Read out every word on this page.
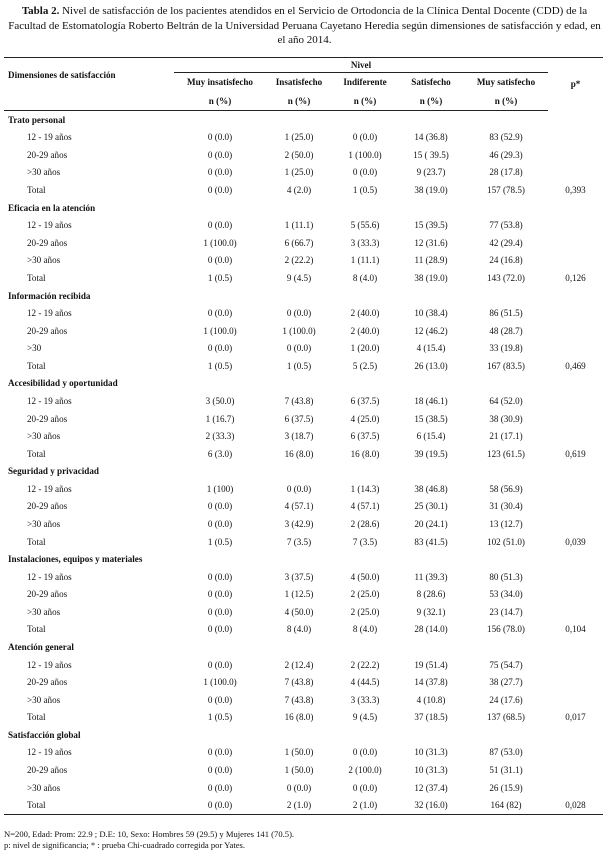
Tabla 2. Nivel de satisfacción de los pacientes atendidos en el Servicio de Ortodoncia de la Clínica Dental Docente (CDD) de la Facultad de Estomatología Roberto Beltrán de la Universidad Peruana Cayetano Heredia según dimensiones de satisfacción y edad, en el año 2014.
Dimensiones de satisfacción	Nivel					p*
	Muy insatisfecho	Insatisfecho	Indiferente	Satisfecho	Muy satisfecho	
	n (%)	n (%)	n (%)	n (%)	n (%)	
Trato personal						
12 - 19 años	0 (0.0)	1 (25.0)	0 (0.0)	14 (36.8)	83 (52.9)	
20-29 años	0 (0.0)	2 (50.0)	1 (100.0)	15 ( 39.5)	46 (29.3)	
>30 años	0 (0.0)	1 (25.0)	0 (0.0)	9 (23.7)	28 (17.8)	
Total	0 (0.0)	4 (2.0)	1 (0.5)	38 (19.0)	157 (78.5)	0,393
Eficacia en la atención						
12 - 19 años	0 (0.0)	1 (11.1)	5 (55.6)	15 (39.5)	77 (53.8)	
20-29 años	1 (100.0)	6 (66.7)	3 (33.3)	12 (31.6)	42 (29.4)	
>30 años	0 (0.0)	2 (22.2)	1 (11.1)	11 (28.9)	24 (16.8)	
Total	1 (0.5)	9 (4.5)	8 (4.0)	38 (19.0)	143 (72.0)	0,126
Información recibida						
12 - 19 años	0 (0.0)	0 (0.0)	2 (40.0)	10 (38.4)	86 (51.5)	
20-29 años	1 (100.0)	1 (100.0)	2 (40.0)	12 (46.2)	48 (28.7)	
>30	0 (0.0)	0 (0.0)	1 (20.0)	4 (15.4)	33 (19.8)	
Total	1 (0.5)	1 (0.5)	5 (2.5)	26 (13.0)	167 (83.5)	0,469
Accesibilidad y oportunidad						
12 - 19 años	3 (50.0)	7 (43.8)	6 (37.5)	18 (46.1)	64 (52.0)	
20-29 años	1 (16.7)	6 (37.5)	4 (25.0)	15 (38.5)	38 (30.9)	
>30 años	2 (33.3)	3 (18.7)	6 (37.5)	6 (15.4)	21 (17.1)	
Total	6 (3.0)	16 (8.0)	16 (8.0)	39 (19.5)	123 (61.5)	0,619
Seguridad y privacidad						
12 - 19 años	1 (100)	0 (0.0)	1 (14.3)	38 (46.8)	58 (56.9)	
20-29 años	0 (0.0)	4 (57.1)	4 (57.1)	25 (30.1)	31 (30.4)	
>30 años	0 (0.0)	3 (42.9)	2 (28.6)	20 (24.1)	13 (12.7)	
Total	1 (0.5)	7 (3.5)	7 (3.5)	83 (41.5)	102 (51.0)	0,039
Instalaciones, equipos y materiales						
12 - 19 años	0 (0.0)	3 (37.5)	4 (50.0)	11 (39.3)	80 (51.3)	
20-29 años	0 (0.0)	1 (12.5)	2 (25.0)	8 (28.6)	53 (34.0)	
>30 años	0 (0.0)	4 (50.0)	2 (25.0)	9 (32.1)	23 (14.7)	
Total	0 (0.0)	8 (4.0)	8 (4.0)	28 (14.0)	156 (78.0)	0,104
Atención general						
12 - 19 años	0 (0.0)	2 (12.4)	2 (22.2)	19 (51.4)	75 (54.7)	
20-29 años	1 (100.0)	7 (43.8)	4 (44.5)	14 (37.8)	38 (27.7)	
>30 años	0 (0.0)	7 (43.8)	3 (33.3)	4 (10.8)	24 (17.6)	
Total	1 (0.5)	16 (8.0)	9 (4.5)	37 (18.5)	137 (68.5)	0,017
Satisfacción global						
12 - 19 años	0 (0.0)	1 (50.0)	0 (0.0)	10 (31.3)	87 (53.0)	
20-29 años	0 (0.0)	1 (50.0)	2 (100.0)	10 (31.3)	51 (31.1)	
>30 años	0 (0.0)	0 (0.0)	0 (0.0)	12 (37.4)	26 (15.9)	
Total	0 (0.0)	2 (1.0)	2 (1.0)	32 (16.0)	164 (82)	0,028
N=200, Edad: Prom: 22.9 ; D.E: 10, Sexo: Hombres 59 (29.5) y Mujeres 141 (70.5).
p: nivel de significancia; * : prueba Chi-cuadrado corregida por Yates.
